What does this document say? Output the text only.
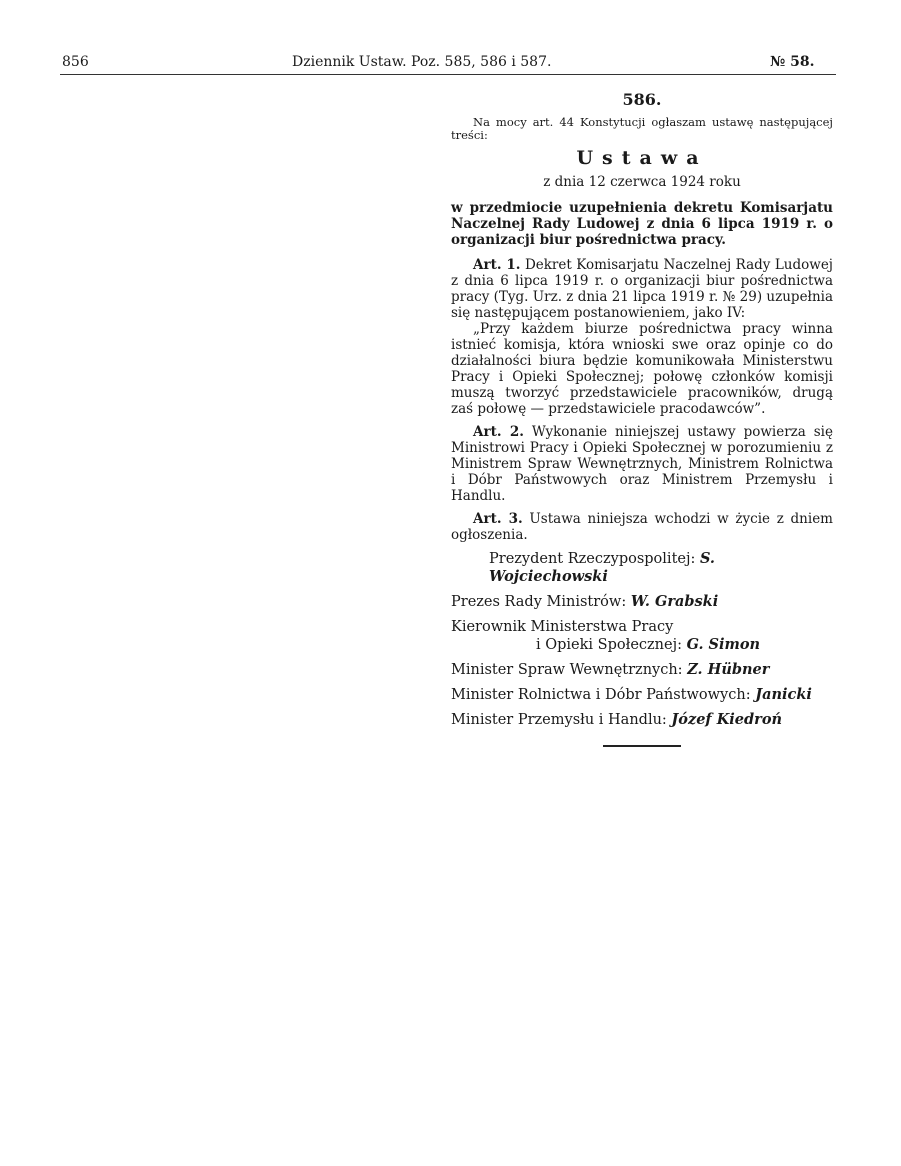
856	Dziennik Ustaw. Poz. 585, 586 i 587.	№ 58.
586.

Na mocy art. 44 Konstytucji ogłaszam ustawę następującej treści:

Ustawa
z dnia 12 czerwca 1924 roku

w przedmiocie uzupełnienia dekretu Komisarjatu Naczelnej Rady Ludowej z dnia 6 lipca 1919 r. o organizacji biur pośrednictwa pracy.

Art. 1. Dekret Komisarjatu Naczelnej Rady Ludowej z dnia 6 lipca 1919 r. o organizacji biur pośrednictwa pracy (Tyg. Urz. z dnia 21 lipca 1919 r. № 29) uzupełnia się następującem postanowieniem, jako IV:

„Przy każdem biurze pośrednictwa pracy winna istnieć komisja, która wnioski swe oraz opinje co do działalności biura będzie komunikowała Ministerstwu Pracy i Opieki Społecznej; połowę członków komisji muszą tworzyć przedstawiciele pracowników, drugą zaś połowę — przedstawiciele pracodawców”.

Art. 2. Wykonanie niniejszej ustawy powierza się Ministrowi Pracy i Opieki Społecznej w porozumieniu z Ministrem Spraw Wewnętrznych, Ministrem Rolnictwa i Dóbr Państwowych oraz Ministrem Przemysłu i Handlu.

Art. 3. Ustawa niniejsza wchodzi w życie z dniem ogłoszenia.

Prezydent Rzeczypospolitej: S. Wojciechowski
Prezes Rady Ministrów: W. Grabski
Kierownik Ministerstwa Pracy
i Opieki Społecznej: G. Simon
Minister Spraw Wewnętrznych: Z. Hübner
Minister Rolnictwa i Dóbr Państwowych: Janicki
Minister Przemysłu i Handlu: Józef Kiedroń
